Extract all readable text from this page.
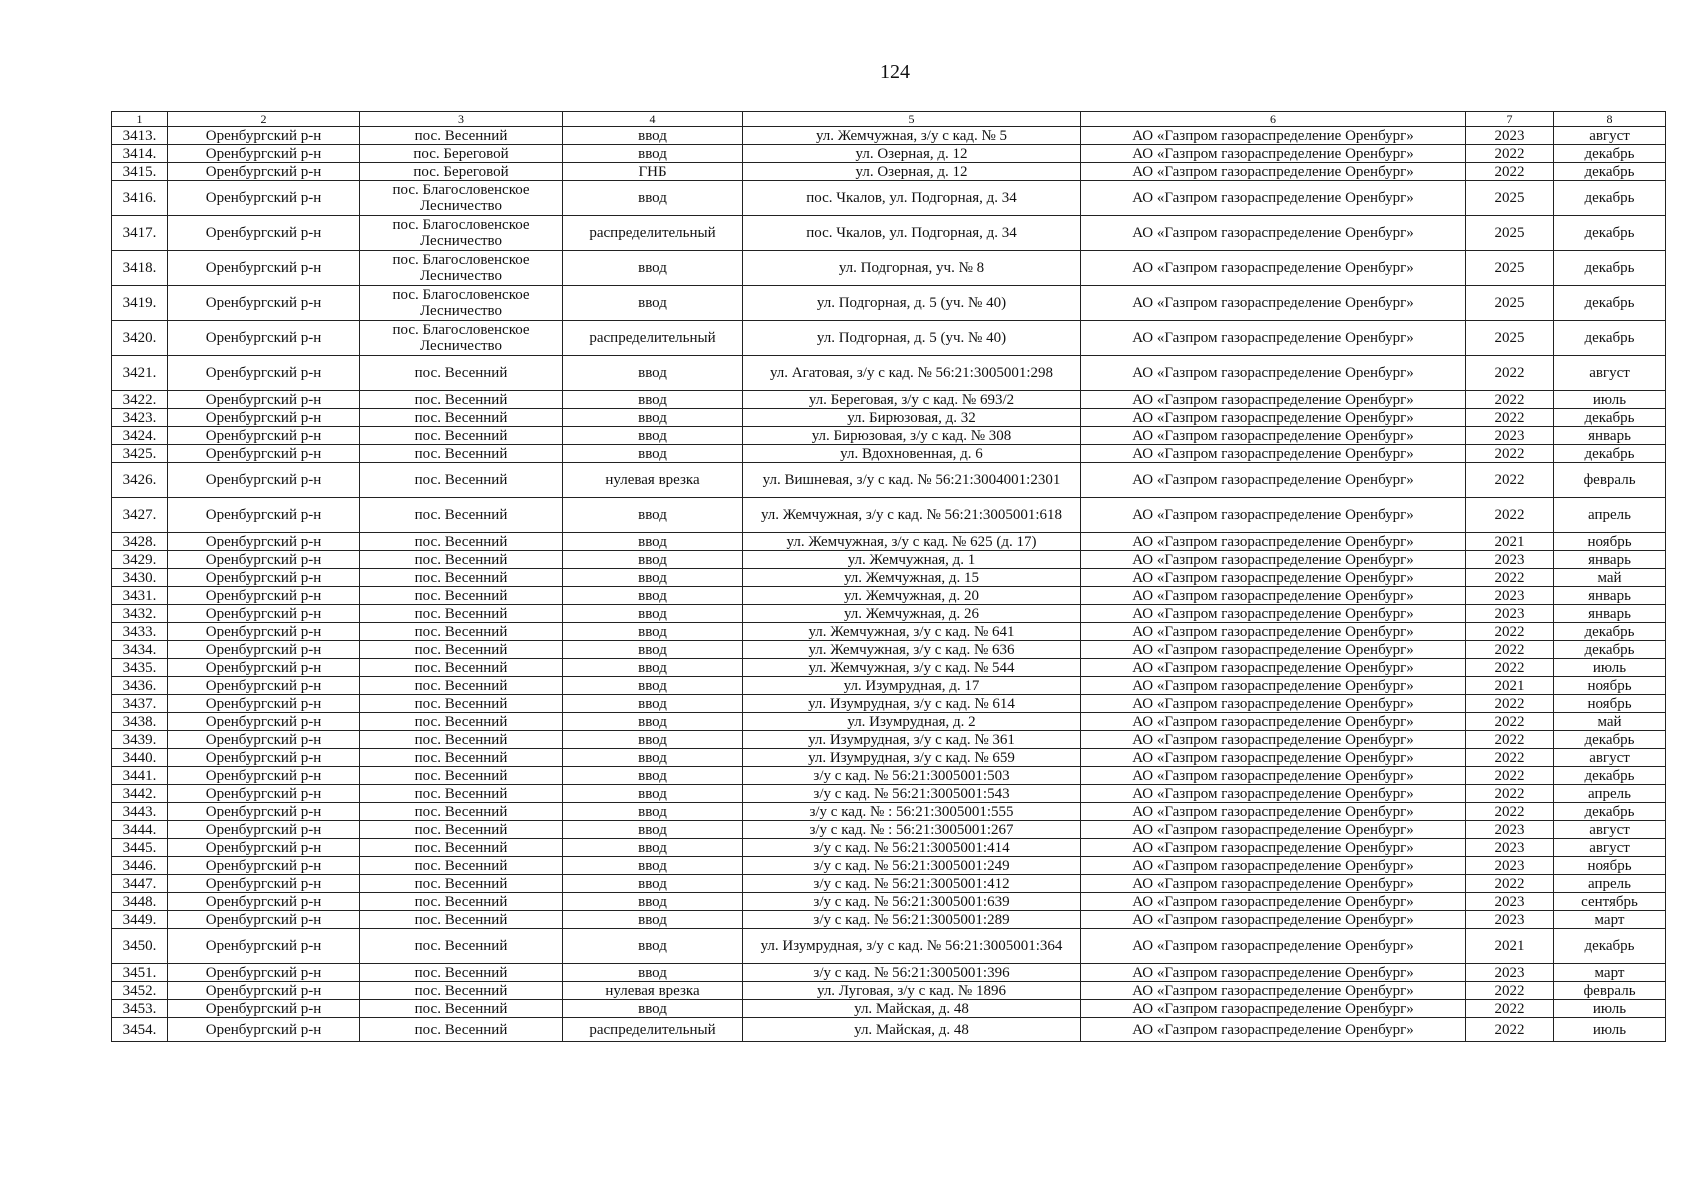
124
1	2	3	4	5	6	7	8
3413.	Оренбургский р-н	пос. Весенний	ввод	ул. Жемчужная, з/у с кад. № 5	АО «Газпром газораспределение Оренбург»	2023	август
3414.	Оренбургский р-н	пос. Береговой	ввод	ул. Озерная, д. 12	АО «Газпром газораспределение Оренбург»	2022	декабрь
3415.	Оренбургский р-н	пос. Береговой	ГНБ	ул. Озерная, д. 12	АО «Газпром газораспределение Оренбург»	2022	декабрь
3416.	Оренбургский р-н	пос. Благословенское Лесничество	ввод	пос. Чкалов, ул. Подгорная, д. 34	АО «Газпром газораспределение Оренбург»	2025	декабрь
3417.	Оренбургский р-н	пос. Благословенское Лесничество	распределительный	пос. Чкалов, ул. Подгорная, д. 34	АО «Газпром газораспределение Оренбург»	2025	декабрь
3418.	Оренбургский р-н	пос. Благословенское Лесничество	ввод	ул. Подгорная, уч. № 8	АО «Газпром газораспределение Оренбург»	2025	декабрь
3419.	Оренбургский р-н	пос. Благословенское Лесничество	ввод	ул. Подгорная, д. 5 (уч. № 40)	АО «Газпром газораспределение Оренбург»	2025	декабрь
3420.	Оренбургский р-н	пос. Благословенское Лесничество	распределительный	ул. Подгорная, д. 5 (уч. № 40)	АО «Газпром газораспределение Оренбург»	2025	декабрь
3421.	Оренбургский р-н	пос. Весенний	ввод	ул. Агатовая, з/у с кад. № 56:21:3005001:298	АО «Газпром газораспределение Оренбург»	2022	август
3422.	Оренбургский р-н	пос. Весенний	ввод	ул. Береговая, з/у с кад. № 693/2	АО «Газпром газораспределение Оренбург»	2022	июль
3423.	Оренбургский р-н	пос. Весенний	ввод	ул. Бирюзовая, д. 32	АО «Газпром газораспределение Оренбург»	2022	декабрь
3424.	Оренбургский р-н	пос. Весенний	ввод	ул. Бирюзовая, з/у с кад. № 308	АО «Газпром газораспределение Оренбург»	2023	январь
3425.	Оренбургский р-н	пос. Весенний	ввод	ул. Вдохновенная, д. 6	АО «Газпром газораспределение Оренбург»	2022	декабрь
3426.	Оренбургский р-н	пос. Весенний	нулевая врезка	ул. Вишневая, з/у с кад. № 56:21:3004001:2301	АО «Газпром газораспределение Оренбург»	2022	февраль
3427.	Оренбургский р-н	пос. Весенний	ввод	ул. Жемчужная, з/у с кад. № 56:21:3005001:618	АО «Газпром газораспределение Оренбург»	2022	апрель
3428.	Оренбургский р-н	пос. Весенний	ввод	ул. Жемчужная, з/у с кад. № 625 (д. 17)	АО «Газпром газораспределение Оренбург»	2021	ноябрь
3429.	Оренбургский р-н	пос. Весенний	ввод	ул. Жемчужная, д. 1	АО «Газпром газораспределение Оренбург»	2023	январь
3430.	Оренбургский р-н	пос. Весенний	ввод	ул. Жемчужная, д. 15	АО «Газпром газораспределение Оренбург»	2022	май
3431.	Оренбургский р-н	пос. Весенний	ввод	ул. Жемчужная, д. 20	АО «Газпром газораспределение Оренбург»	2023	январь
3432.	Оренбургский р-н	пос. Весенний	ввод	ул. Жемчужная, д. 26	АО «Газпром газораспределение Оренбург»	2023	январь
3433.	Оренбургский р-н	пос. Весенний	ввод	ул. Жемчужная, з/у с кад. № 641	АО «Газпром газораспределение Оренбург»	2022	декабрь
3434.	Оренбургский р-н	пос. Весенний	ввод	ул. Жемчужная, з/у с кад. № 636	АО «Газпром газораспределение Оренбург»	2022	декабрь
3435.	Оренбургский р-н	пос. Весенний	ввод	ул. Жемчужная, з/у с кад. № 544	АО «Газпром газораспределение Оренбург»	2022	июль
3436.	Оренбургский р-н	пос. Весенний	ввод	ул. Изумрудная, д. 17	АО «Газпром газораспределение Оренбург»	2021	ноябрь
3437.	Оренбургский р-н	пос. Весенний	ввод	ул. Изумрудная, з/у с кад. № 614	АО «Газпром газораспределение Оренбург»	2022	ноябрь
3438.	Оренбургский р-н	пос. Весенний	ввод	ул. Изумрудная, д. 2	АО «Газпром газораспределение Оренбург»	2022	май
3439.	Оренбургский р-н	пос. Весенний	ввод	ул. Изумрудная, з/у с кад. № 361	АО «Газпром газораспределение Оренбург»	2022	декабрь
3440.	Оренбургский р-н	пос. Весенний	ввод	ул. Изумрудная, з/у с кад. № 659	АО «Газпром газораспределение Оренбург»	2022	август
3441.	Оренбургский р-н	пос. Весенний	ввод	з/у с кад. № 56:21:3005001:503	АО «Газпром газораспределение Оренбург»	2022	декабрь
3442.	Оренбургский р-н	пос. Весенний	ввод	з/у с кад. № 56:21:3005001:543	АО «Газпром газораспределение Оренбург»	2022	апрель
3443.	Оренбургский р-н	пос. Весенний	ввод	з/у с кад. № : 56:21:3005001:555	АО «Газпром газораспределение Оренбург»	2022	декабрь
3444.	Оренбургский р-н	пос. Весенний	ввод	з/у с кад. № : 56:21:3005001:267	АО «Газпром газораспределение Оренбург»	2023	август
3445.	Оренбургский р-н	пос. Весенний	ввод	з/у с кад. № 56:21:3005001:414	АО «Газпром газораспределение Оренбург»	2023	август
3446.	Оренбургский р-н	пос. Весенний	ввод	з/у с кад. № 56:21:3005001:249	АО «Газпром газораспределение Оренбург»	2023	ноябрь
3447.	Оренбургский р-н	пос. Весенний	ввод	з/у с кад. № 56:21:3005001:412	АО «Газпром газораспределение Оренбург»	2022	апрель
3448.	Оренбургский р-н	пос. Весенний	ввод	з/у с кад. № 56:21:3005001:639	АО «Газпром газораспределение Оренбург»	2023	сентябрь
3449.	Оренбургский р-н	пос. Весенний	ввод	з/у с кад. № 56:21:3005001:289	АО «Газпром газораспределение Оренбург»	2023	март
3450.	Оренбургский р-н	пос. Весенний	ввод	ул. Изумрудная, з/у с кад. № 56:21:3005001:364	АО «Газпром газораспределение Оренбург»	2021	декабрь
3451.	Оренбургский р-н	пос. Весенний	ввод	з/у с кад. № 56:21:3005001:396	АО «Газпром газораспределение Оренбург»	2023	март
3452.	Оренбургский р-н	пос. Весенний	нулевая врезка	ул. Луговая, з/у с кад. № 1896	АО «Газпром газораспределение Оренбург»	2022	февраль
3453.	Оренбургский р-н	пос. Весенний	ввод	ул. Майская, д. 48	АО «Газпром газораспределение Оренбург»	2022	июль
3454.	Оренбургский р-н	пос. Весенний	распределительный	ул. Майская, д. 48	АО «Газпром газораспределение Оренбург»	2022	июль
